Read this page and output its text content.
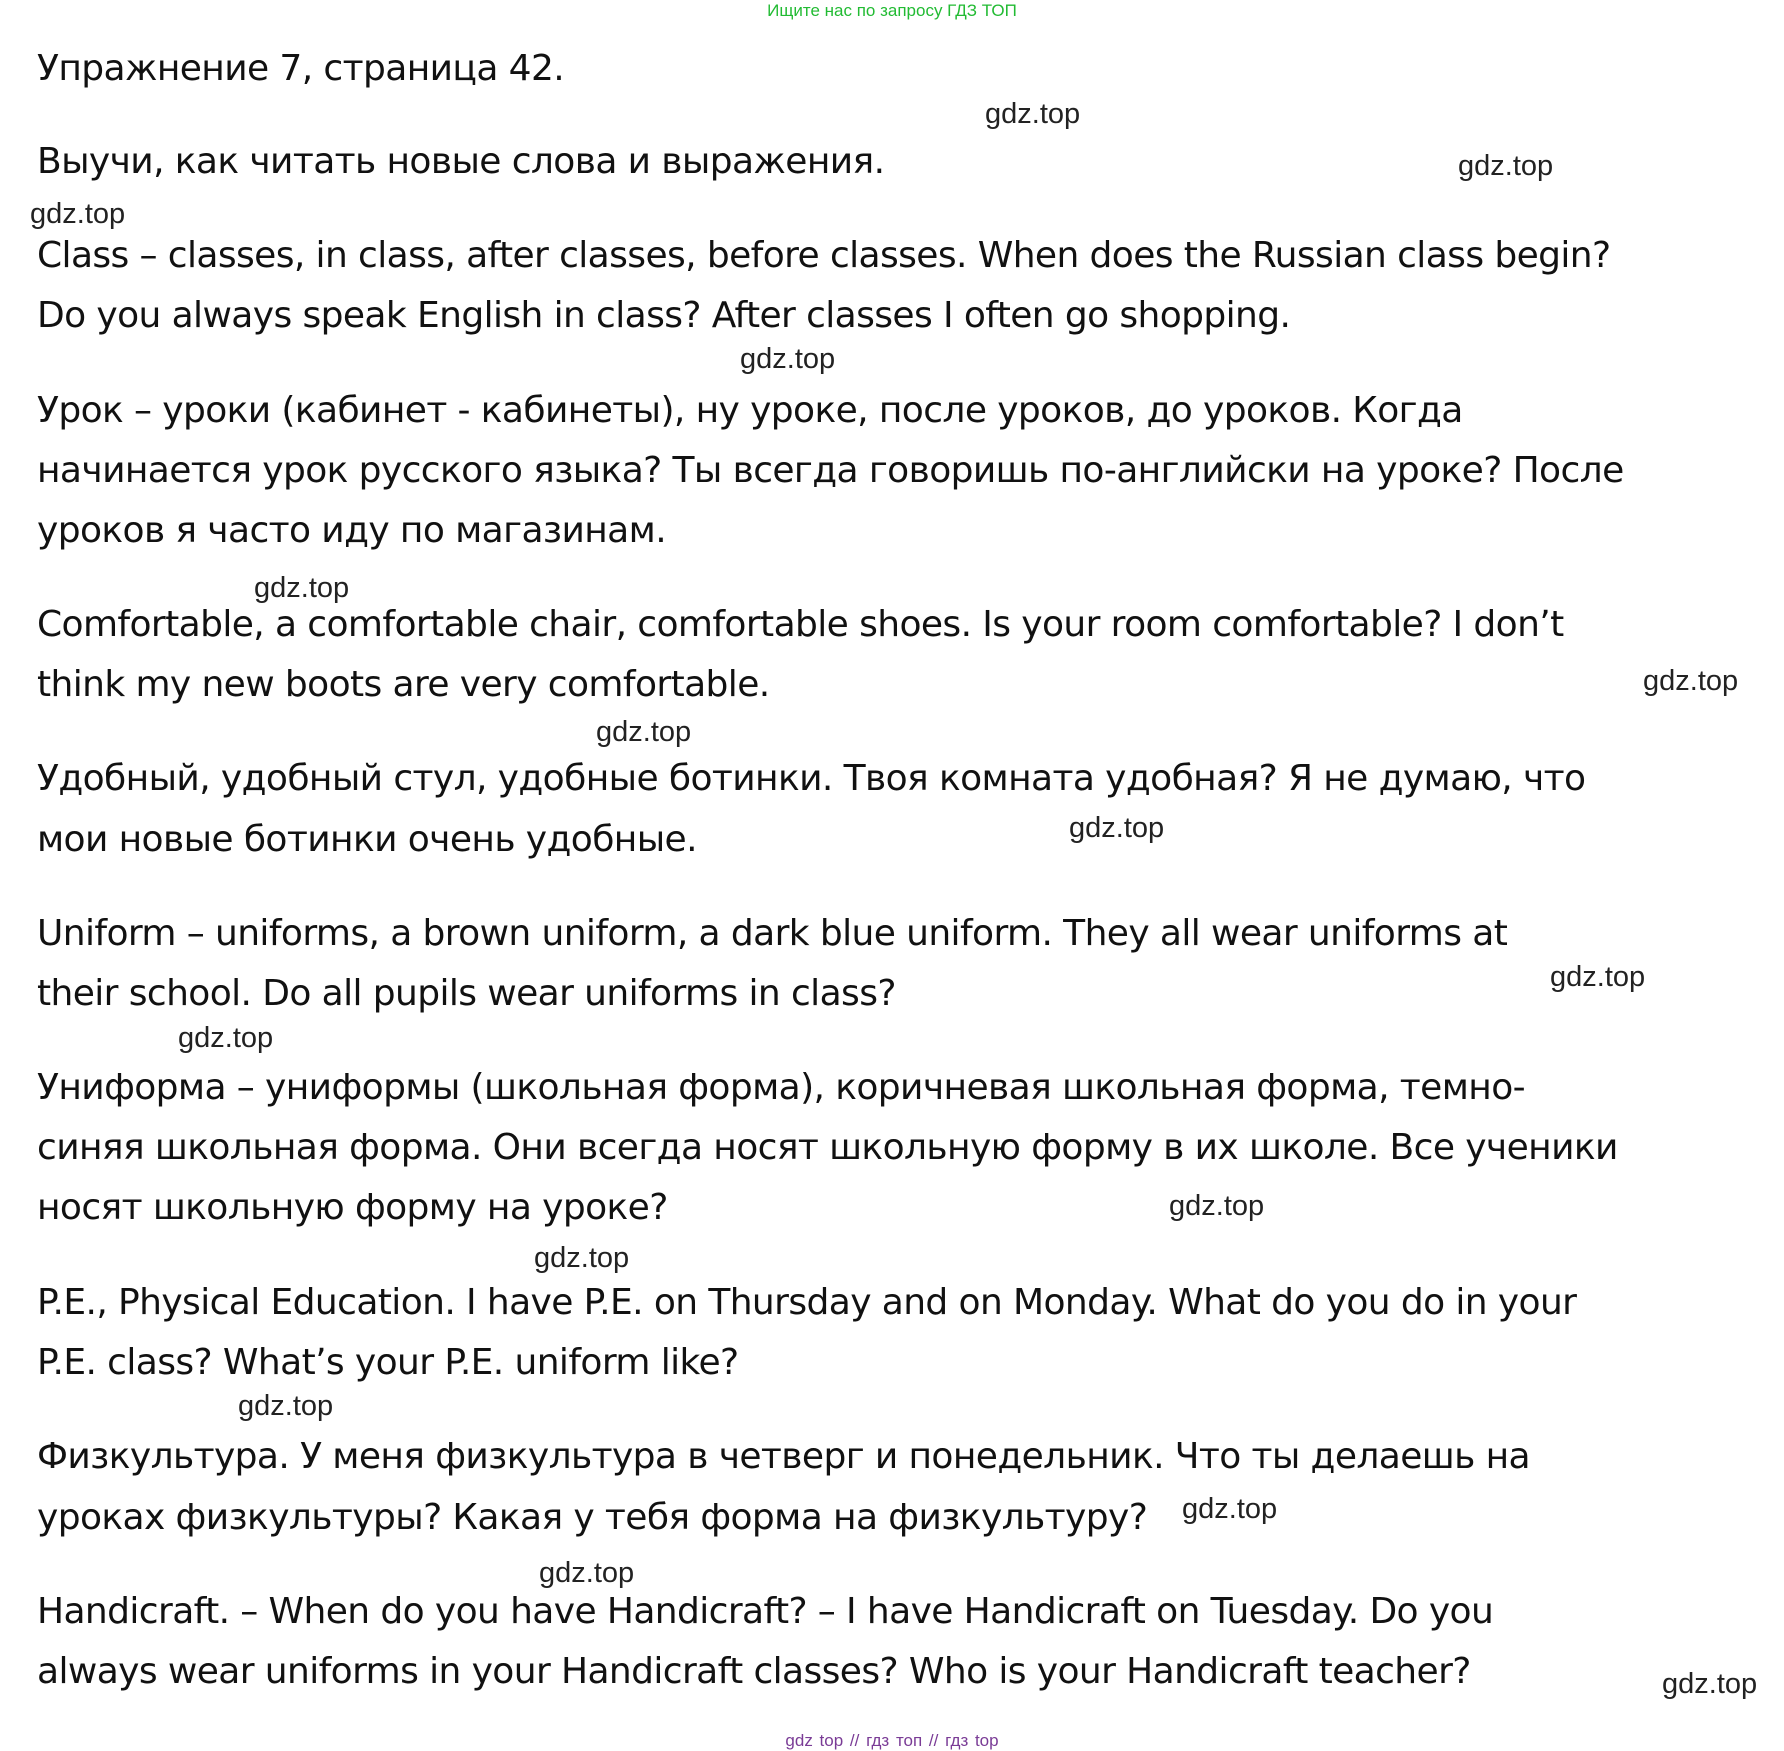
Ищите нас по запросу ГДЗ ТОП
Упражнение 7, страница 42.
Выучи, как читать новые слова и выражения.
Class – classes, in class, after classes, before classes. When does the Russian class begin?
Do you always speak English in class? After classes I often go shopping.
Урок – уроки (кабинет - кабинеты), ну уроке, после уроков, до уроков. Когда
начинается урок русского языка? Ты всегда говоришь по-английски на уроке? После
уроков я часто иду по магазинам.
Comfortable, a comfortable chair, comfortable shoes. Is your room comfortable? I don’t
think my new boots are very comfortable.
Удобный, удобный стул, удобные ботинки. Твоя комната удобная? Я не думаю, что
мои новые ботинки очень удобные.
Uniform – uniforms, a brown uniform, a dark blue uniform. They all wear uniforms at
their school. Do all pupils wear uniforms in class?
Униформа – униформы (школьная форма), коричневая школьная форма, темно-
синяя школьная форма. Они всегда носят школьную форму в их школе. Все ученики
носят школьную форму на уроке?
P.E., Physical Education. I have P.E. on Thursday and on Monday. What do you do in your
P.E. class? What’s your P.E. uniform like?
Физкультура. У меня физкультура в четверг и понедельник. Что ты делаешь на
уроках физкультуры? Какая у тебя форма на физкультуру?
Handicraft. – When do you have Handicraft? – I have Handicraft on Tuesday. Do you
always wear uniforms in your Handicraft classes? Who is your Handicraft teacher?
gdz.top
gdz.top
gdz.top
gdz.top
gdz.top
gdz.top
gdz.top
gdz.top
gdz.top
gdz.top
gdz.top
gdz.top
gdz.top
gdz.top
gdz.top
gdz.top
gdz top // гдз топ // гдз top
